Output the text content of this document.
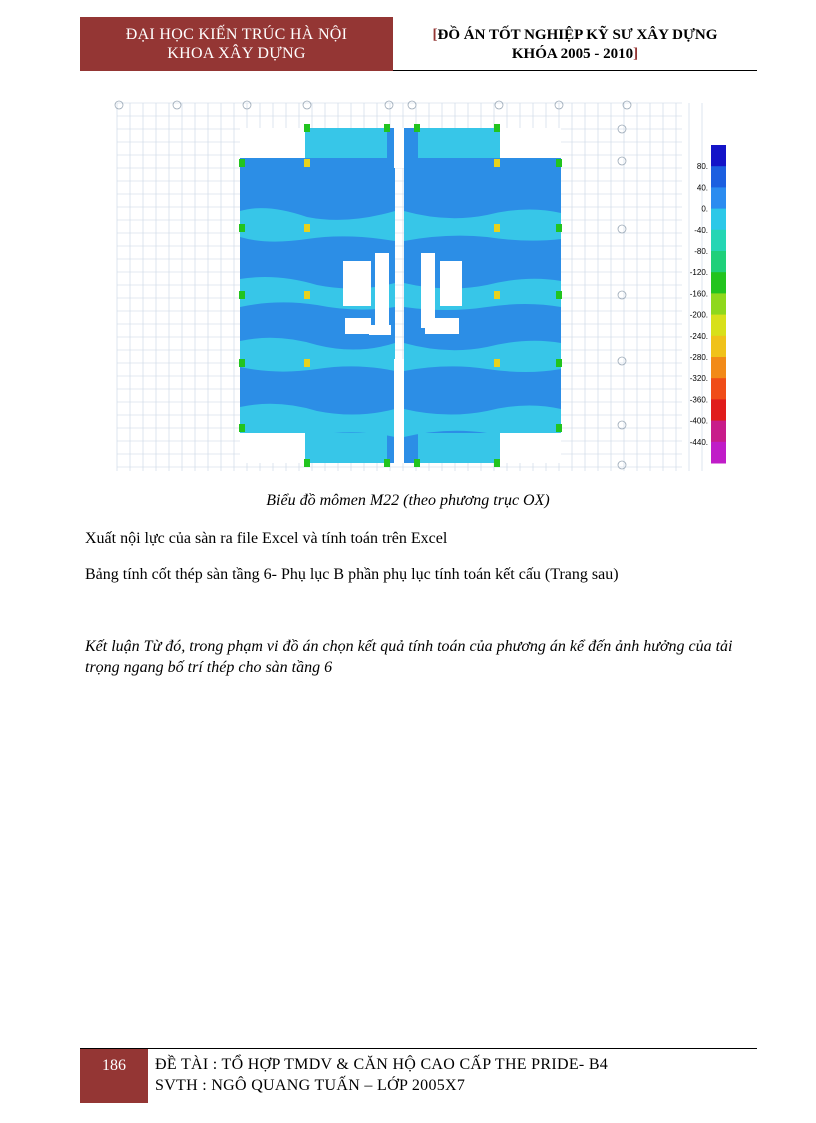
ĐẠI HỌC KIẾN TRÚC HÀ NỘI
KHOA XÂY DỰNG
[ĐỒ ÁN TỐT NGHIỆP KỸ SƯ XÂY DỰNG
KHÓA 2005 - 2010]
80.
40.
0.
-40.
-80.
-120.
-160.
-200.
-240.
-280.
-320.
-360.
-400.
-440.
Biểu đồ mômen M22 (theo phương trục OX)
Xuất nội lực của sàn ra file Excel và tính toán trên Excel
Bảng tính cốt thép sàn tầng 6- Phụ lục B phần phụ lục tính toán kết cấu (Trang sau)
Kết luận Từ đó, trong phạm vi đồ án chọn kết quả tính toán của phương án kể đến ảnh hưởng của tải trọng ngang bố trí thép cho sàn tầng 6
186	ĐỀ TÀI : TỔ HỢP TMDV & CĂN HỘ CAO CẤP THE PRIDE- B4
SVTH : NGÔ QUANG TUẤN – LỚP 2005X7
